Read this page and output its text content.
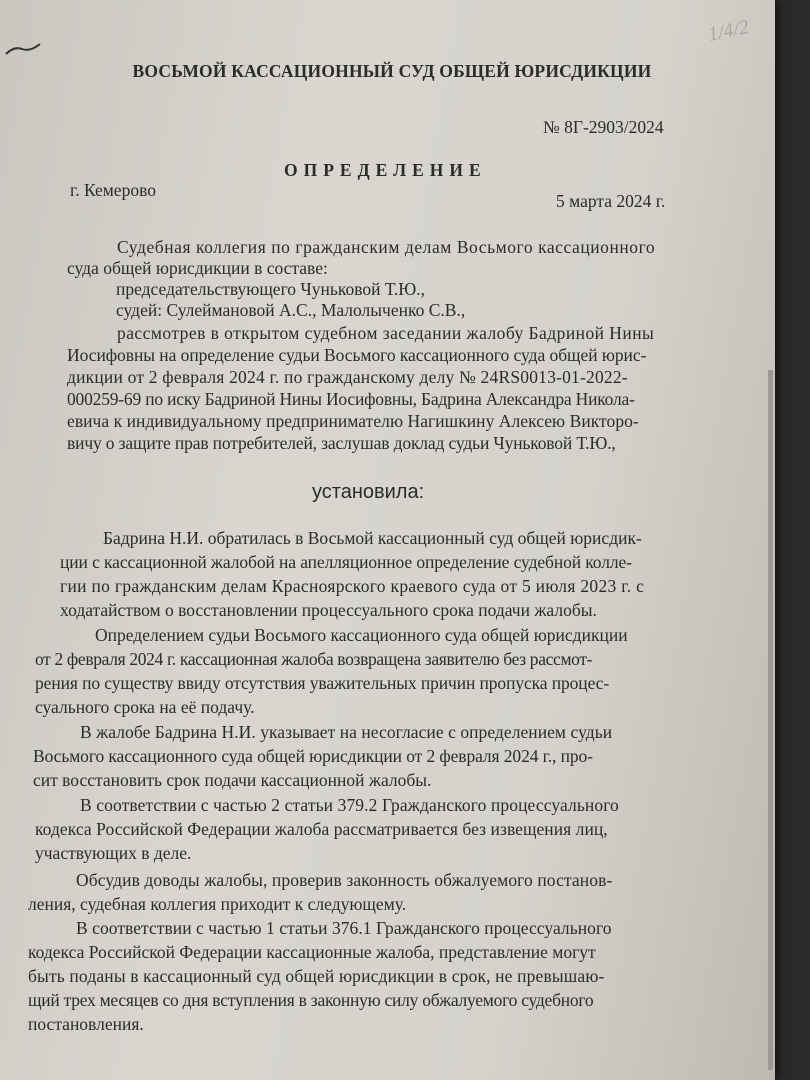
1/4/2
ВОСЬМОЙ КАССАЦИОННЫЙ СУД ОБЩЕЙ ЮРИСДИКЦИИ
№ 8Г-2903/2024
ОПРЕДЕЛЕНИЕ
г. Кемерово
5 марта 2024 г.
Судебная коллегия по гражданским делам Восьмого кассационного
суда общей юрисдикции в составе:
председательствующего Чуньковой Т.Ю.,
судей: Сулеймановой А.С., Малолыченко С.В.,
рассмотрев в открытом судебном заседании жалобу Бадриной Нины
Иосифовны на определение судьи Восьмого кассационного суда общей юрис-
дикции от 2 февраля 2024 г. по гражданскому делу № 24RS0013-01-2022-
000259-69 по иску Бадриной Нины Иосифовны, Бадрина Александра Никола-
евича к индивидуальному предпринимателю Нагишкину Алексею Викторо-
вичу о защите прав потребителей, заслушав доклад судьи Чуньковой Т.Ю.,
установила:
Бадрина Н.И. обратилась в Восьмой кассационный суд общей юрисдик-
ции с кассационной жалобой на апелляционное определение судебной колле-
гии по гражданским делам Красноярского краевого суда от 5 июля 2023 г. с
ходатайством о восстановлении процессуального срока подачи жалобы.
Определением судьи Восьмого кассационного суда общей юрисдикции
от 2 февраля 2024 г. кассационная жалоба возвращена заявителю без рассмот-
рения по существу ввиду отсутствия уважительных причин пропуска процес-
суального срока на её подачу.
В жалобе Бадрина Н.И. указывает на несогласие с определением судьи
Восьмого кассационного суда общей юрисдикции от 2 февраля 2024 г., про-
сит восстановить срок подачи кассационной жалобы.
В соответствии с частью 2 статьи 379.2 Гражданского процессуального
кодекса Российской Федерации жалоба рассматривается без извещения лиц,
участвующих в деле.
Обсудив доводы жалобы, проверив законность обжалуемого постанов-
ления, судебная коллегия приходит к следующему.
В соответствии с частью 1 статьи 376.1 Гражданского процессуального
кодекса Российской Федерации кассационные жалоба, представление могут
быть поданы в кассационный суд общей юрисдикции в срок, не превышаю-
щий трех месяцев со дня вступления в законную силу обжалуемого судебного
постановления.
